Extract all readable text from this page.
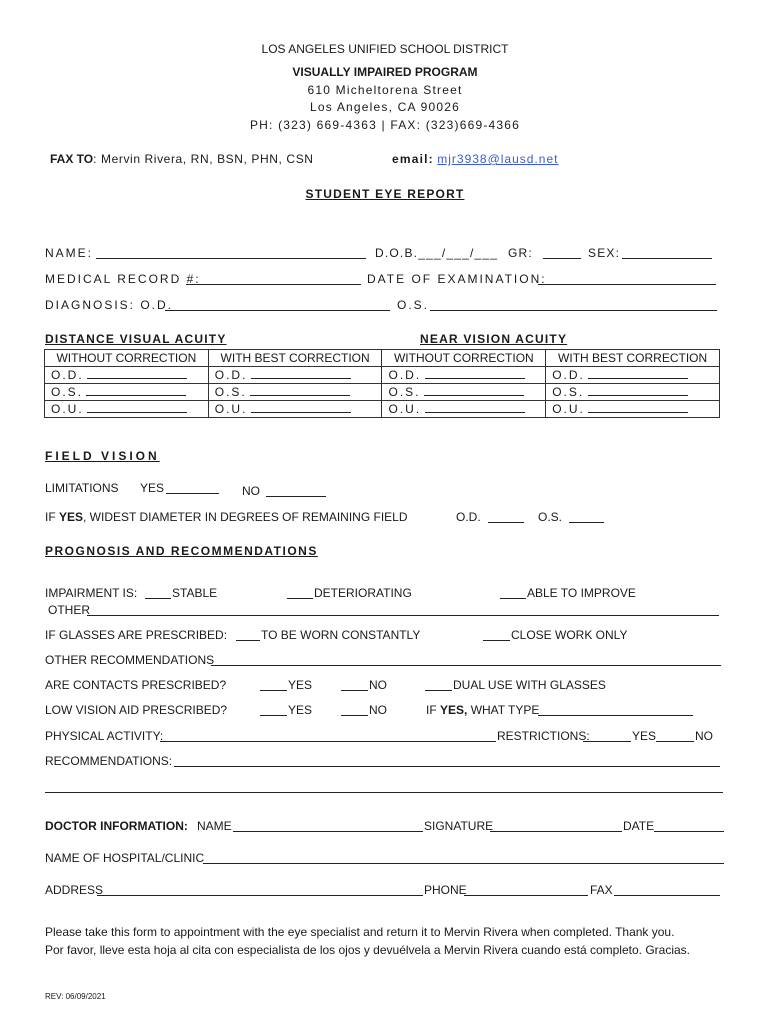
LOS ANGELES UNIFIED SCHOOL DISTRICT
VISUALLY IMPAIRED PROGRAM
610 Micheltorena Street
Los Angeles, CA 90026
PH: (323) 669-4363 | FAX: (323)669-4366
FAX TO: Mervin Rivera, RN, BSN, PHN, CSN	email: mjr3938@lausd.net
STUDENT EYE REPORT
NAME:	D.O.B.___/___/___ GR:	SEX:
MEDICAL RECORD #:	DATE OF EXAMINATION:
DIAGNOSIS: O.D.	O.S.
DISTANCE VISUAL ACUITY	NEAR VISION ACUITY
WITHOUT CORRECTION	WITH BEST CORRECTION	WITHOUT CORRECTION	WITH BEST CORRECTION
O.D.	O.D.	O.D.	O.D.
O.S.	O.S.	O.S.	O.S.
O.U.	O.U.	O.U.	O.U.
FIELD VISION
LIMITATIONS YES	NO
IF YES, WIDEST DIAMETER IN DEGREES OF REMAINING FIELD	O.D.	O.S.
PROGNOSIS AND RECOMMENDATIONS
IMPAIRMENT IS:	STABLE	DETERIORATING	ABLE TO IMPROVE
OTHER
IF GLASSES ARE PRESCRIBED:	TO BE WORN CONSTANTLY	CLOSE WORK ONLY
OTHER RECOMMENDATIONS
ARE CONTACTS PRESCRIBED?	YES	NO	DUAL USE WITH GLASSES
LOW VISION AID PRESCRIBED?	YES	NO	IF YES, WHAT TYPE
PHYSICAL ACTIVITY:	RESTRICTIONS:	YES	NO
RECOMMENDATIONS:
DOCTOR INFORMATION: NAME	SIGNATURE	DATE
NAME OF HOSPITAL/CLINIC
ADDRESS	PHONE	FAX
Please take this form to appointment with the eye specialist and return it to Mervin Rivera when completed. Thank you.
Por favor, lleve esta hoja al cita con especialista de los ojos y devuélvela a Mervin Rivera cuando está completo. Gracias.
REV: 06/09/2021
